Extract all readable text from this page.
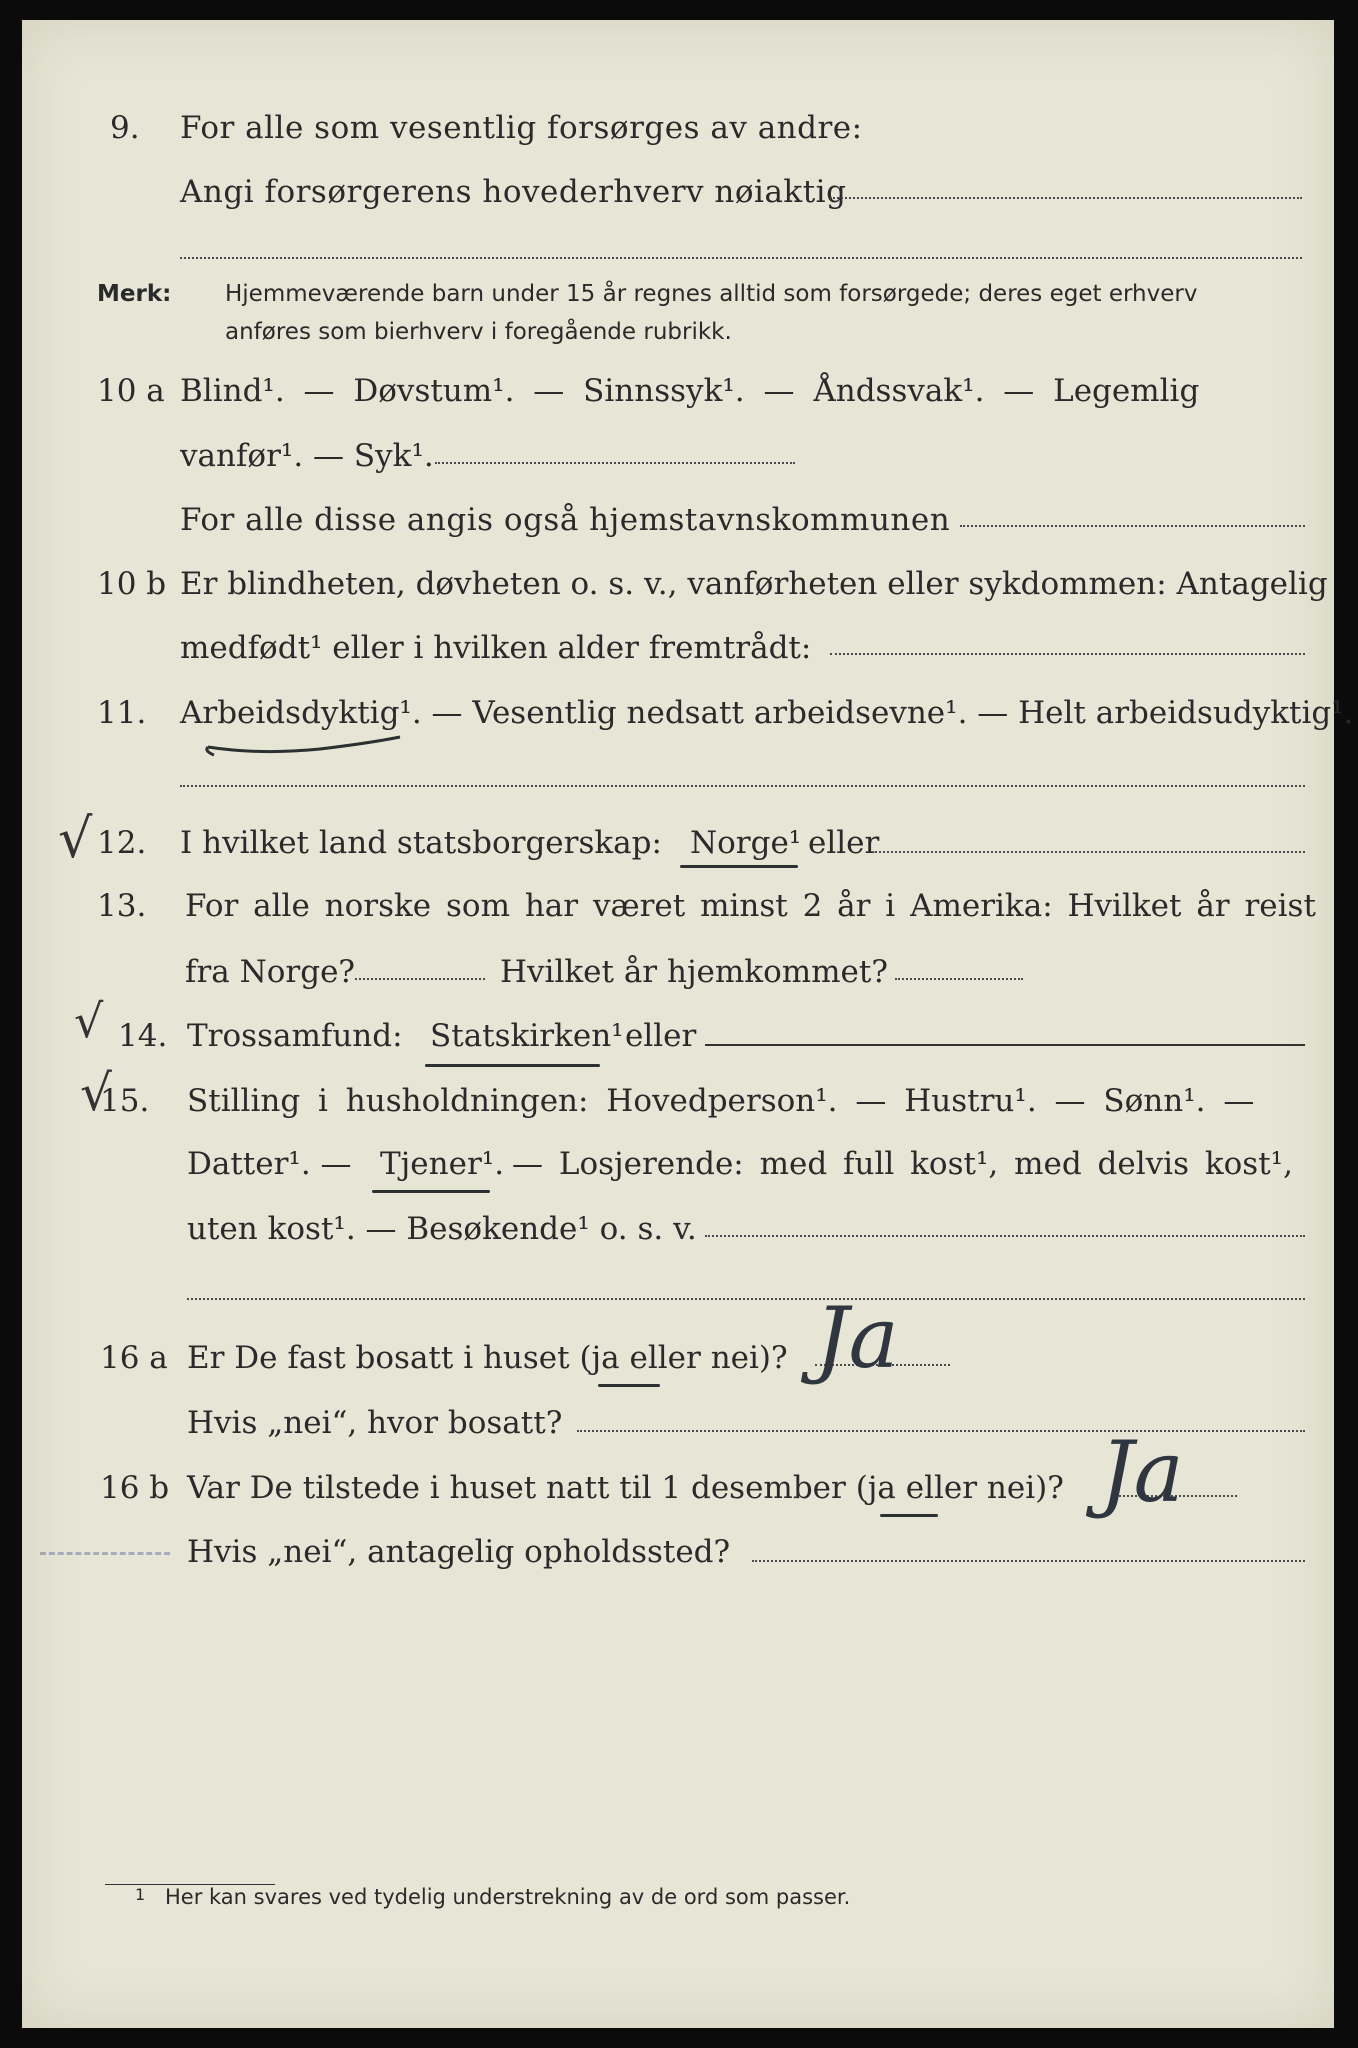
9.	For alle som vesentlig forsørges av andre:
Angi forsørgerens hovederhverv nøiaktig
Merk: Hjemmeværende barn under 15 år regnes alltid som forsørgede; deres eget erhverv
anføres som bierhverv i foregående rubrikk.
10 a Blind¹. — Døvstum¹. — Sinnssyk¹. — Åndssvak¹. — Legemlig
vanfør¹. — Syk¹.
For alle disse angis også hjemstavnskommunen
10 b Er blindheten, døvheten o. s. v., vanførheten eller sykdommen: Antagelig
medfødt¹ eller i hvilken alder fremtrådt:
11.	Arbeidsdyktig¹. — Vesentlig nedsatt arbeidsevne¹. — Helt arbeidsudyktig¹.
√ 12.	I hvilket land statsborgerskap: Norge¹ eller
13.	For alle norske som har været minst 2 år i Amerika: Hvilket år reist
fra Norge?	Hvilket år hjemkommet?
√ 14. Trossamfund: Statskirken¹ eller
√
15.	Stilling i husholdningen: Hovedperson¹. — Hustru¹. — Sønn¹. —
Datter¹. — Tjener¹. — Losjerende: med full kost¹, med delvis kost¹,
uten kost¹. — Besøkende¹ o. s. v.
16 a Er De fast bosatt i huset (ja eller nei)? Ja
Hvis „nei“, hvor bosatt?
16 b Var De tilstede i huset natt til 1 desember (ja eller nei)? Ja
Hvis „nei“, antagelig opholdssted?
1 Her kan svares ved tydelig understrekning av de ord som passer.
